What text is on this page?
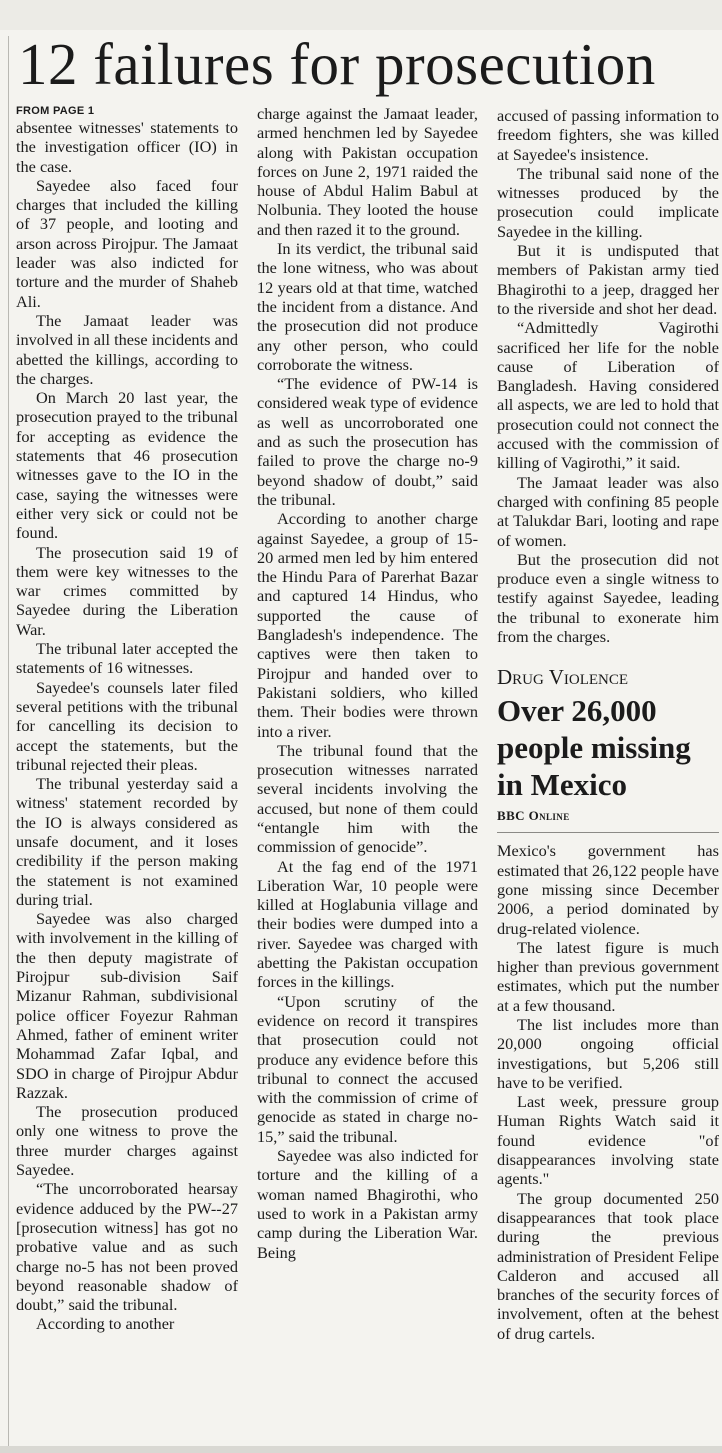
12 failures for prosecution
FROM PAGE 1

absentee witnesses' statements to the investigation officer (IO) in the case.

Sayedee also faced four charges that included the killing of 37 people, and looting and arson across Pirojpur. The Jamaat leader was also indicted for torture and the murder of Shaheb Ali.

The Jamaat leader was involved in all these incidents and abetted the killings, according to the charges.

On March 20 last year, the prosecution prayed to the tribunal for accepting as evidence the statements that 46 prosecution witnesses gave to the IO in the case, saying the witnesses were either very sick or could not be found.

The prosecution said 19 of them were key witnesses to the war crimes committed by Sayedee during the Liberation War.

The tribunal later accepted the statements of 16 witnesses.

Sayedee's counsels later filed several petitions with the tribunal for cancelling its decision to accept the statements, but the tribunal rejected their pleas.

The tribunal yesterday said a witness' statement recorded by the IO is always considered as unsafe document, and it loses credibility if the person making the statement is not examined during trial.

Sayedee was also charged with involvement in the killing of the then deputy magistrate of Pirojpur sub-division Saif Mizanur Rahman, subdivisional police officer Foyezur Rahman Ahmed, father of eminent writer Mohammad Zafar Iqbal, and SDO in charge of Pirojpur Abdur Razzak.

The prosecution produced only one witness to prove the three murder charges against Sayedee.

“The uncorroborated hearsay evidence adduced by the PW--27 [prosecution witness] has got no probative value and as such charge no-5 has not been proved beyond reasonable shadow of doubt,” said the tribunal.

According to another

charge against the Jamaat leader, armed henchmen led by Sayedee along with Pakistan occupation forces on June 2, 1971 raided the house of Abdul Halim Babul at Nolbunia. They looted the house and then razed it to the ground.

In its verdict, the tribunal said the lone witness, who was about 12 years old at that time, watched the incident from a distance. And the prosecution did not produce any other person, who could corroborate the witness.

“The evidence of PW-14 is considered weak type of evidence as well as uncorroborated one and as such the prosecution has failed to prove the charge no-9 beyond shadow of doubt,” said the tribunal.

According to another charge against Sayedee, a group of 15-20 armed men led by him entered the Hindu Para of Parerhat Bazar and captured 14 Hindus, who supported the cause of Bangladesh's independence. The captives were then taken to Pirojpur and handed over to Pakistani soldiers, who killed them. Their bodies were thrown into a river.

The tribunal found that the prosecution witnesses narrated several incidents involving the accused, but none of them could “entangle him with the commission of genocide”.

At the fag end of the 1971 Liberation War, 10 people were killed at Hoglabunia village and their bodies were dumped into a river. Sayedee was charged with abetting the Pakistan occupation forces in the killings.

“Upon scrutiny of the evidence on record it transpires that prosecution could not produce any evidence before this tribunal to connect the accused with the commission of crime of genocide as stated in charge no-15,” said the tribunal.

Sayedee was also indicted for torture and the killing of a woman named Bhagirothi, who used to work in a Pakistan army camp during the Liberation War. Being

accused of passing information to freedom fighters, she was killed at Sayedee's insistence.

The tribunal said none of the witnesses produced by the prosecution could implicate Sayedee in the killing.

But it is undisputed that members of Pakistan army tied Bhagirothi to a jeep, dragged her to the riverside and shot her dead.

“Admittedly Vagirothi sacrificed her life for the noble cause of Liberation of Bangladesh. Having considered all aspects, we are led to hold that prosecution could not connect the accused with the commission of killing of Vagirothi,” it said.

The Jamaat leader was also charged with confining 85 people at Talukdar Bari, looting and rape of women.

But the prosecution did not produce even a single witness to testify against Sayedee, leading the tribunal to exonerate him from the charges.

Drug Violence
Over 26,000 people missing in Mexico
BBC Online

Mexico's government has estimated that 26,122 people have gone missing since December 2006, a period dominated by drug-related violence.

The latest figure is much higher than previous government estimates, which put the number at a few thousand.

The list includes more than 20,000 ongoing official investigations, but 5,206 still have to be verified.

Last week, pressure group Human Rights Watch said it found evidence "of disappearances involving state agents."

The group documented 250 disappearances that took place during the previous administration of President Felipe Calderon and accused all branches of the security forces of involvement, often at the behest of drug cartels.
